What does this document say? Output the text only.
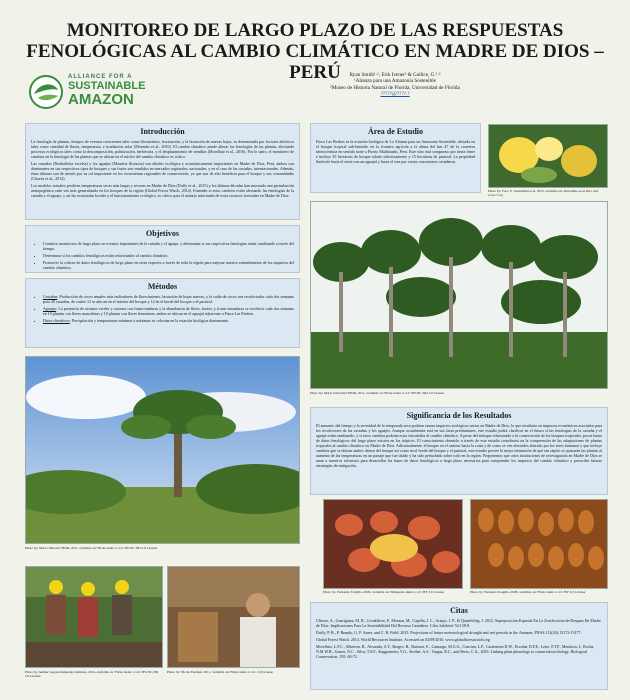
MONITOREO DE LARGO PLAZO DE LAS RESPUESTAS
FENOLÓGICAS AL CAMBIO CLIMÁTICO EN MADRE DE DIOS – PERÚ
ALLIANCE FOR A
SUSTAINABLE
AMAZON
Ryan Smith¹·², Erik Ivener² & Gallice, G.¹·²
¹Alianza para una Amazonía Sostenible
²Museo de Historia Natural de Florida, Universidad de Florida
?????@????.?
Introducción

La fenología de plantas, tiempos de eventos recurrentes tales como floramiento, fructuación, y la brotación de nuevas hojas, es determinada por factores abióticos tales como cantidad de lluvia, temperatura, e irradiacion solar (Montaño et al., 2016). El cambio climático puede alterar las fenologías de las plantas, afectando procesos ecológicos tales como la descomposición, polinización, herbivoría, y el desplazamiento de semillas (Morellato et al., 2016). Por lo tanto, el monitoreo de cambios en la fenología de las plantas que se ubican en el núcleo del cambio climático es crítico.

Las castañas (Bertholletia excelsa) y los aguajes (Mauritia flexuosa) son árboles ecológica y económicamente importantes en Madre de Dios, Perú, ambos son dominantes en sus respectivos tipos de bosques y sus frutos son vendidos en mercados regionales, nacionales, y en el caso de las castañas, internacionales. Además, éstas últimas son de interés por su rol importante en los ecosistemas regionales de conservación, ya que son de alto beneficio para el bosque y sus comunidades (Chavez et al., 2012).

Los modelos actuales predicen temperaturas secas más largas y severas en Madre de Dios (Duffy et al., 2015) y los últimas décadas han mostrado una perturbación antropogénica cada vez más generalizada en los bosques de la región (Global Forest Watch, 2014). Entender si estos cambios están afectando las fenologías de la castaña y el aguaje, y así las economías locales y el funcionamiento ecológico, es crítico para el manejo informado de estos recursos forestales en Madre de Dios.

Objetivos
• Conducir monitoreos de largo plazo en eventos importantes de la castaña y el aguaje, y determinar si sus respectivas fenologías están cambiando a través del tiempo.
• Determinar si los cambios fenológicos están relacionados al cambio climático.
• Promover la colecta de datos fenológicos de largo plazo en otras especies a través de toda la región para mejorar nuestro entendimiento de los impactos del cambio climático.
Métodos
• Castañas: Producción de cocos anuales más indicadores de florecimiento, brotación de hojas nuevas, y la caída de cocos son recolectados cada dos semanas para 28 castañas, de cuales 12 se ubican en el interior del bosque y 12 en el borde del bosque o el pastizal.
• Aguajes: La presencia de racimos verdes y racimos con frutas maduras y la abundancia de flores, brotes, y frutas inmaduras se recolecta cada dos semanas en 10 plantas con flores masculinas y 10 plantas con flores femeninas, ambas se ubican en el aguajal adyacente a Finca Las Piedras.
• Datos climáticos: Precipitación y temperaturas mínimas y máximas se colectan en la estación biológica diariamente.
Photo by/ Marco Simola/CIFOR, 2011, available on/ Flickr under cc-CC BY-NC-ND 2.0 License
Photo by/ helmer vargas/wikipedia/commons, 2014, available on/ Flickr under cc-CC BY-NC-ND 2.0 License
Photo by/ Nicola Estefani, 2011, available on/ Flickr under cc-CC 2.0 License
Área de Estudio

Finca Las Piedras es la estación biológica de La Alianza para un Amazonía Sostenible, ubicada en el bosque tropical sub-húmedo en la frontera agrícola a la altura del km 47 de la carretera interoceánica en sentido norte a Puerto Maldonado, Peru. Este sitio está compuesto por tierra firme e incluye 35 hectáreas de bosque talado selectivamente y 15 hectáreas de pastizal. La propiedad limítrofe hacia el oeste con un aguajal y hacia el este por varias concesiones castañeras.

Photo by/ Foto: E. Szendhenn et al. 2015, available on/ disponible en el sitio web www.?.org
Photo by/ Maria Schwabe/CIFOR, 2011, available on/ Flickr under cc-CC BY-NC-ND 2.0 License
Significancia de los Resultados

El aumento del tiempo y la severidad de la temporada seca podrían causar impactos ecológicos serios en Madre de Dios, lo que resultaría en impactos económicos asociados para los recolectores de las castañas y los aguajes. Aunque actualmente está en sus fases preliminares, este estudio podrá clarificar en el futuro si las fenologías de la castaña y el aguaje están cambiando, y si estos cambios podrían estar vinculados al cambio climático. A pesar del enfoque relacionado a la conservación de los bosques tropicales, pocos bases de datos fenológicos del largo plazo existen en los trópicos. El conocimiento obtenido a través de este estudio contribuirá en la comprensión de las adaptaciones de plantas tropicales al cambio climático en Madre de Dios. Adicionalmente, el bosque en el camino hacia la costa y de como se ven afectados alterado por los seres humanos y que incluye cambios que se ubican ambos dentro del bosque así como en el borde del bosque y el pastizal, este estudio provee la mejor estimación de qué tan rápido se ajustarán las plantas al aumento de las temperaturas en un paisaje que fue talado y ha sido perturbado sobre todo en la región. Proponemos que otros instituciones de investigación en Madre de Dios se unan a nuestros esfuerzos para desarrollar las bases de datos fenológicos a largo plazo necesarios para comprender los impactos del cambio climático y prescribir futuras estrategias de mitigación.

Photo by/ Fernando Tongilla, 2009, available on/ Wikipedia under cc-CC BY 3.0 License	Photo by/ Fernando Tongilla, 2008, available on/ Flickr under cc-CC BY 2.0 License
Citas

Chávez, A., Guariguata, M. R., Cronkleton, P., Menton, M., Capella, J. L., Araujo, J. P., & Quaedvlieg, J. 2012. Superposición Espacial En La Zonificación de Bosques En Madre de Dios: Implicaciones Para La Sostenibilidad Del Recurso Castañero. Cifor Infobrief 54:158-8.

Duffy, P. B., P. Brando, G. P. Asner, and C. B. Field. 2015. Projections of future meteorological drought and wet periods in the Amazon. PNAS 112(43):13172-13177.

Global Forest Watch. 2014. World Resources Institute. Accessed on 02/09/2016. www.globalforestwatch.org

Morellato, L.P.C., Alberton, B., Alvarado, S.T., Borges, B., Buisson, E., Camargo, M.G.G., Cancian, L.F., Carstensen D.W., Escobar D.F.E., Leite, P.T.P., Mendoza, I., Rocha, N.M.W.B., Soares, N.C., Silva, T.S.F., Staggemeier, V.G., Streher, A.S., Vargas, B.C., and Peres, C.A., 2016. Linking plant phenology to conservation biology. Biological Conservation, 195: 60-72.
